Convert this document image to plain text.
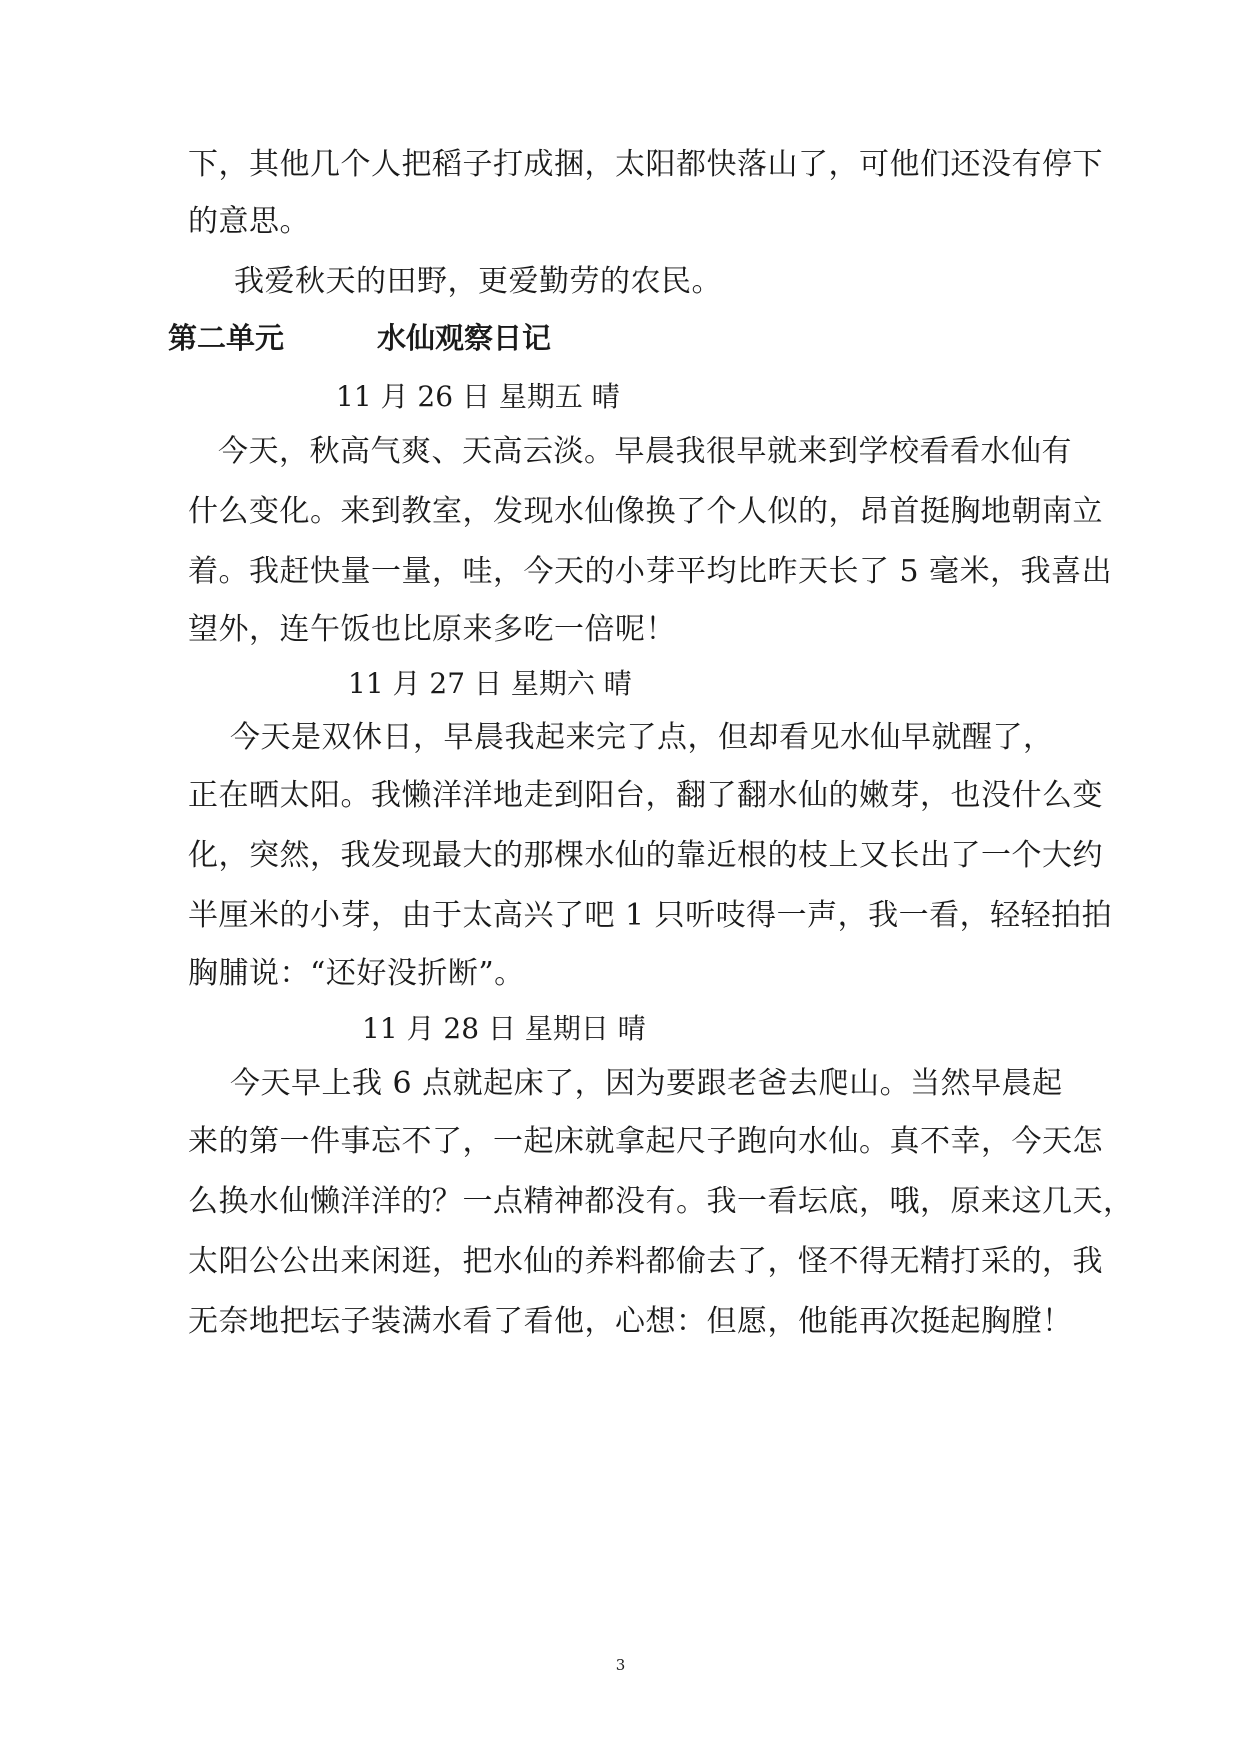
下，其他几个人把稻子打成捆，太阳都快落山了，可他们还没有停下
的意思。
我爱秋天的田野，更爱勤劳的农民。
第二单元	水仙观察日记
11 月 26 日 星期五 晴
今天，秋高气爽、天高云淡。早晨我很早就来到学校看看水仙有
什么变化。来到教室，发现水仙像换了个人似的，昂首挺胸地朝南立
着。我赶快量一量，哇，今天的小芽平均比昨天长了 5 毫米，我喜出
望外，连午饭也比原来多吃一倍呢！
11 月 27 日 星期六 晴
今天是双休日，早晨我起来完了点，但却看见水仙早就醒了，
正在晒太阳。我懒洋洋地走到阳台，翻了翻水仙的嫩芽，也没什么变
化，突然，我发现最大的那棵水仙的靠近根的枝上又长出了一个大约
半厘米的小芽，由于太高兴了吧 1 只听吱得一声，我一看，轻轻拍拍
胸脯说：“还好没折断”。
11 月 28 日 星期日 晴
今天早上我 6 点就起床了，因为要跟老爸去爬山。当然早晨起
来的第一件事忘不了，一起床就拿起尺子跑向水仙。真不幸，今天怎
么换水仙懒洋洋的？一点精神都没有。我一看坛底，哦，原来这几天，
太阳公公出来闲逛，把水仙的养料都偷去了，怪不得无精打采的，我
无奈地把坛子装满水看了看他，心想：但愿，他能再次挺起胸膛！
3
